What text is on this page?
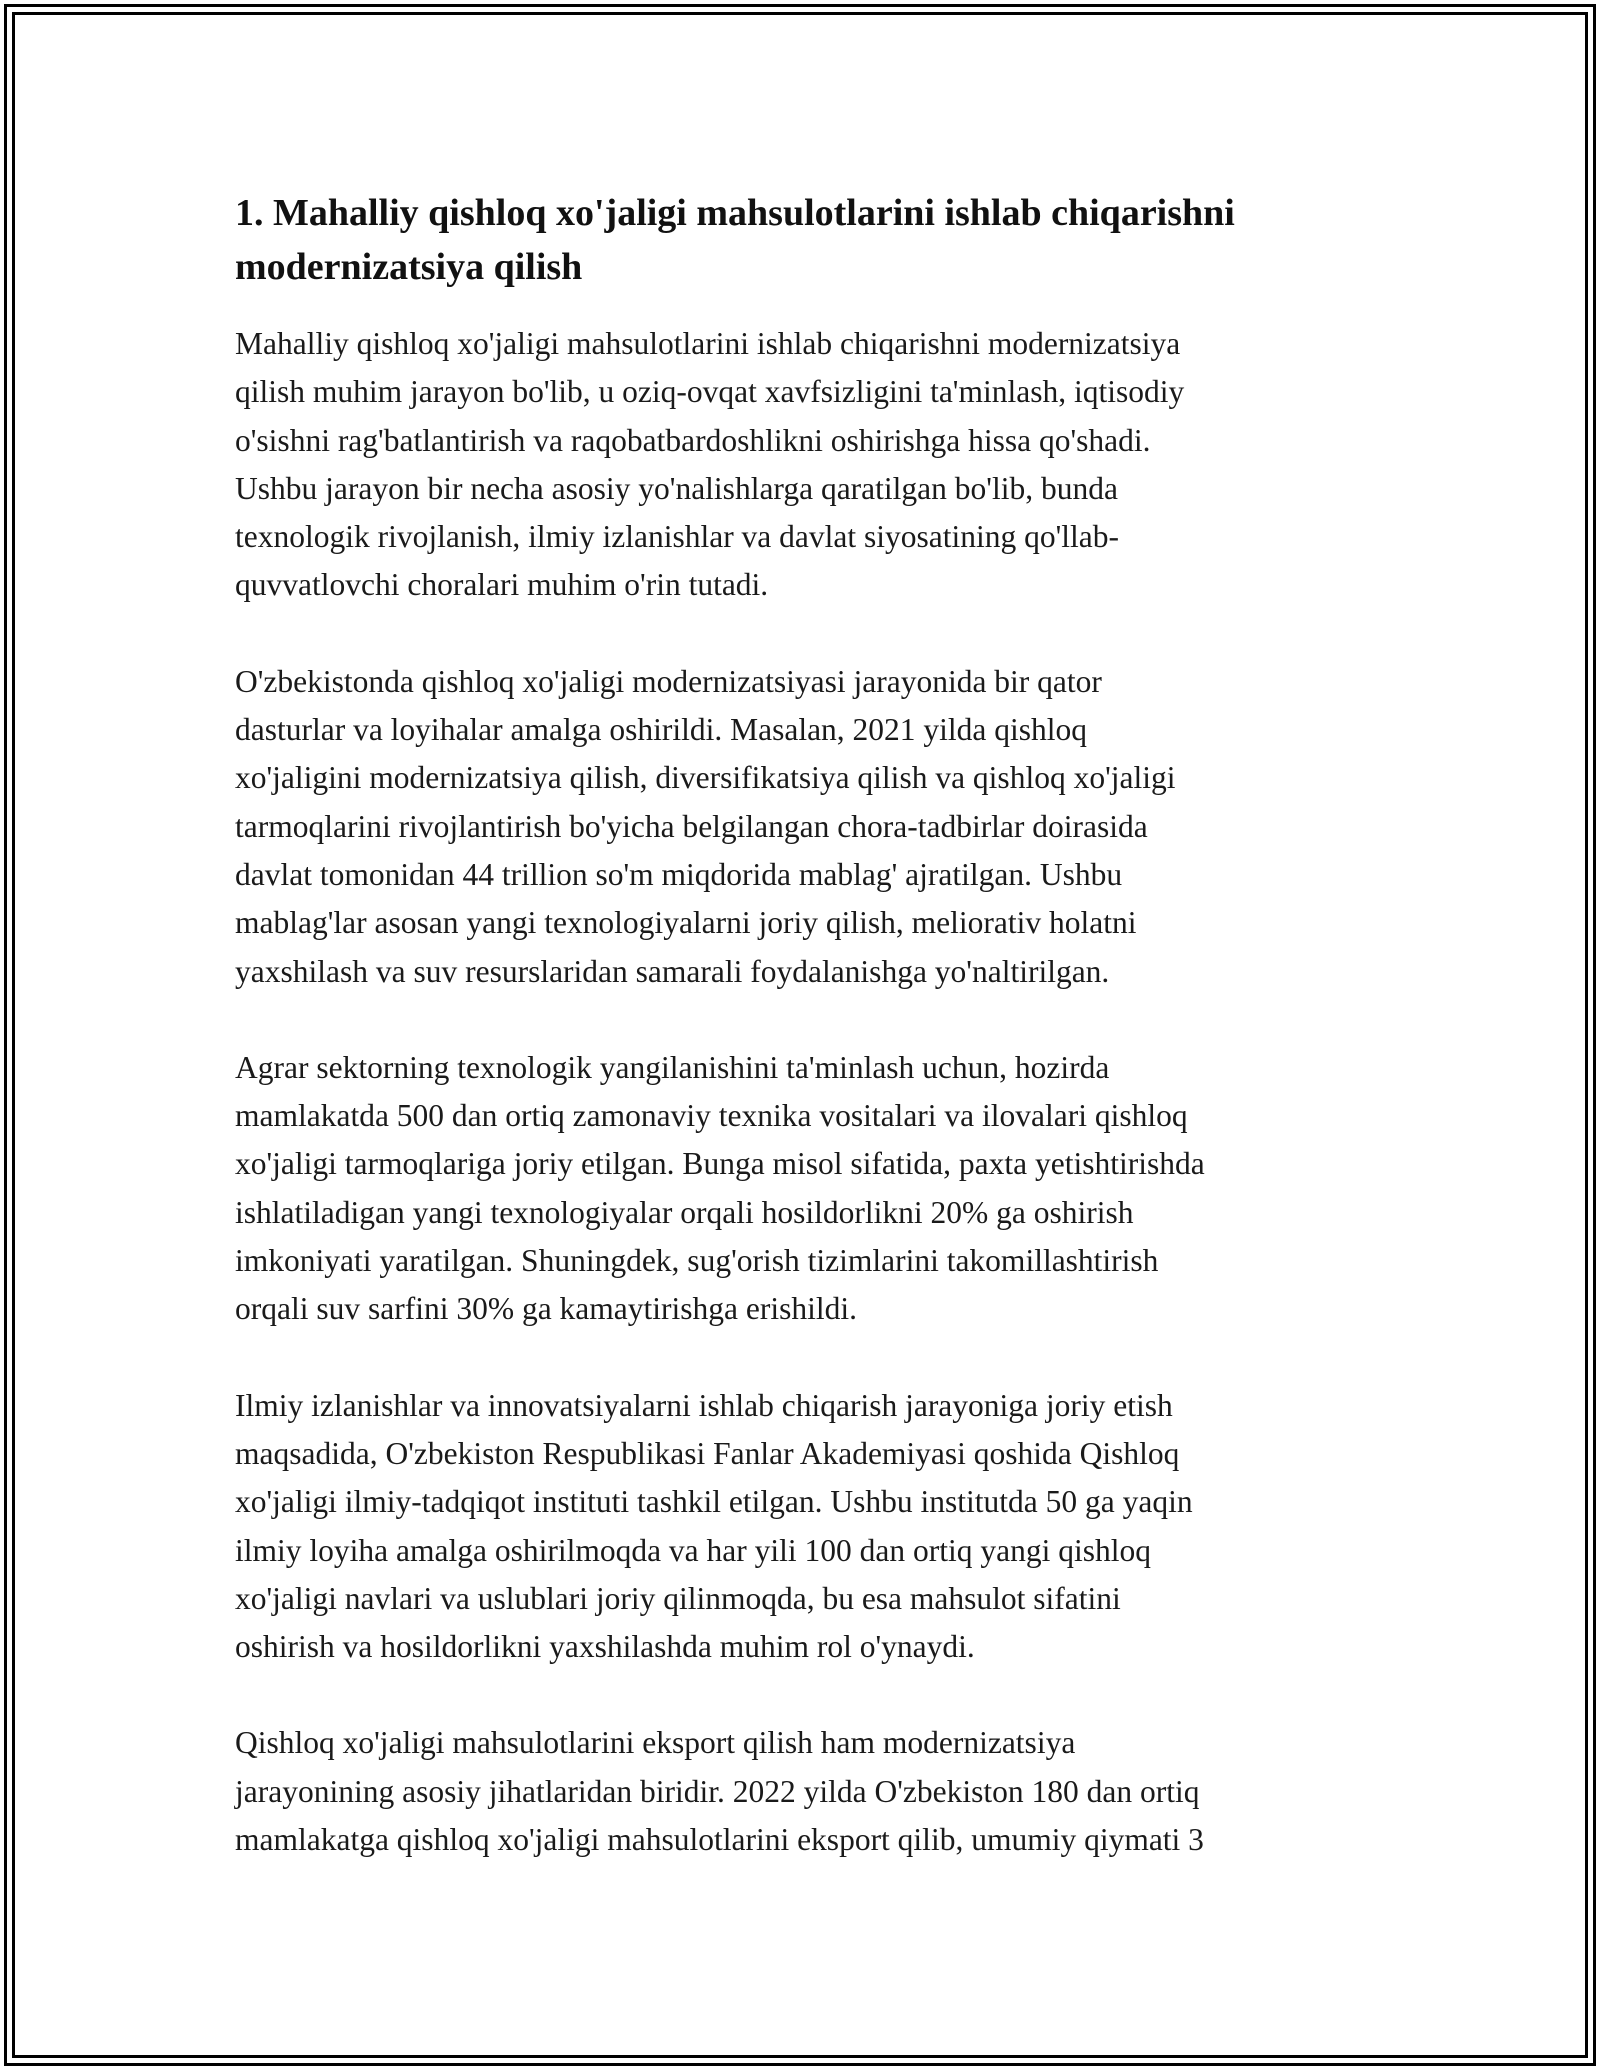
1. Mahalliy qishloq xo'jaligi mahsulotlarini ishlab chiqarishni
modernizatsiya qilish

Mahalliy qishloq xo'jaligi mahsulotlarini ishlab chiqarishni modernizatsiya
qilish muhim jarayon bo'lib, u oziq-ovqat xavfsizligini ta'minlash, iqtisodiy
o'sishni rag'batlantirish va raqobatbardoshlikni oshirishga hissa qo'shadi.
Ushbu jarayon bir necha asosiy yo'nalishlarga qaratilgan bo'lib, bunda
texnologik rivojlanish, ilmiy izlanishlar va davlat siyosatining qo'llab-
quvvatlovchi choralari muhim o'rin tutadi.

O'zbekistonda qishloq xo'jaligi modernizatsiyasi jarayonida bir qator
dasturlar va loyihalar amalga oshirildi. Masalan, 2021 yilda qishloq
xo'jaligini modernizatsiya qilish, diversifikatsiya qilish va qishloq xo'jaligi
tarmoqlarini rivojlantirish bo'yicha belgilangan chora-tadbirlar doirasida
davlat tomonidan 44 trillion so'm miqdorida mablag' ajratilgan. Ushbu
mablag'lar asosan yangi texnologiyalarni joriy qilish, meliorativ holatni
yaxshilash va suv resurslaridan samarali foydalanishga yo'naltirilgan.

Agrar sektorning texnologik yangilanishini ta'minlash uchun, hozirda
mamlakatda 500 dan ortiq zamonaviy texnika vositalari va ilovalari qishloq
xo'jaligi tarmoqlariga joriy etilgan. Bunga misol sifatida, paxta yetishtirishda
ishlatiladigan yangi texnologiyalar orqali hosildorlikni 20% ga oshirish
imkoniyati yaratilgan. Shuningdek, sug'orish tizimlarini takomillashtirish
orqali suv sarfini 30% ga kamaytirishga erishildi.

Ilmiy izlanishlar va innovatsiyalarni ishlab chiqarish jarayoniga joriy etish
maqsadida, O'zbekiston Respublikasi Fanlar Akademiyasi qoshida Qishloq
xo'jaligi ilmiy-tadqiqot instituti tashkil etilgan. Ushbu institutda 50 ga yaqin
ilmiy loyiha amalga oshirilmoqda va har yili 100 dan ortiq yangi qishloq
xo'jaligi navlari va uslublari joriy qilinmoqda, bu esa mahsulot sifatini
oshirish va hosildorlikni yaxshilashda muhim rol o'ynaydi.

Qishloq xo'jaligi mahsulotlarini eksport qilish ham modernizatsiya
jarayonining asosiy jihatlaridan biridir. 2022 yilda O'zbekiston 180 dan ortiq
mamlakatga qishloq xo'jaligi mahsulotlarini eksport qilib, umumiy qiymati 3
